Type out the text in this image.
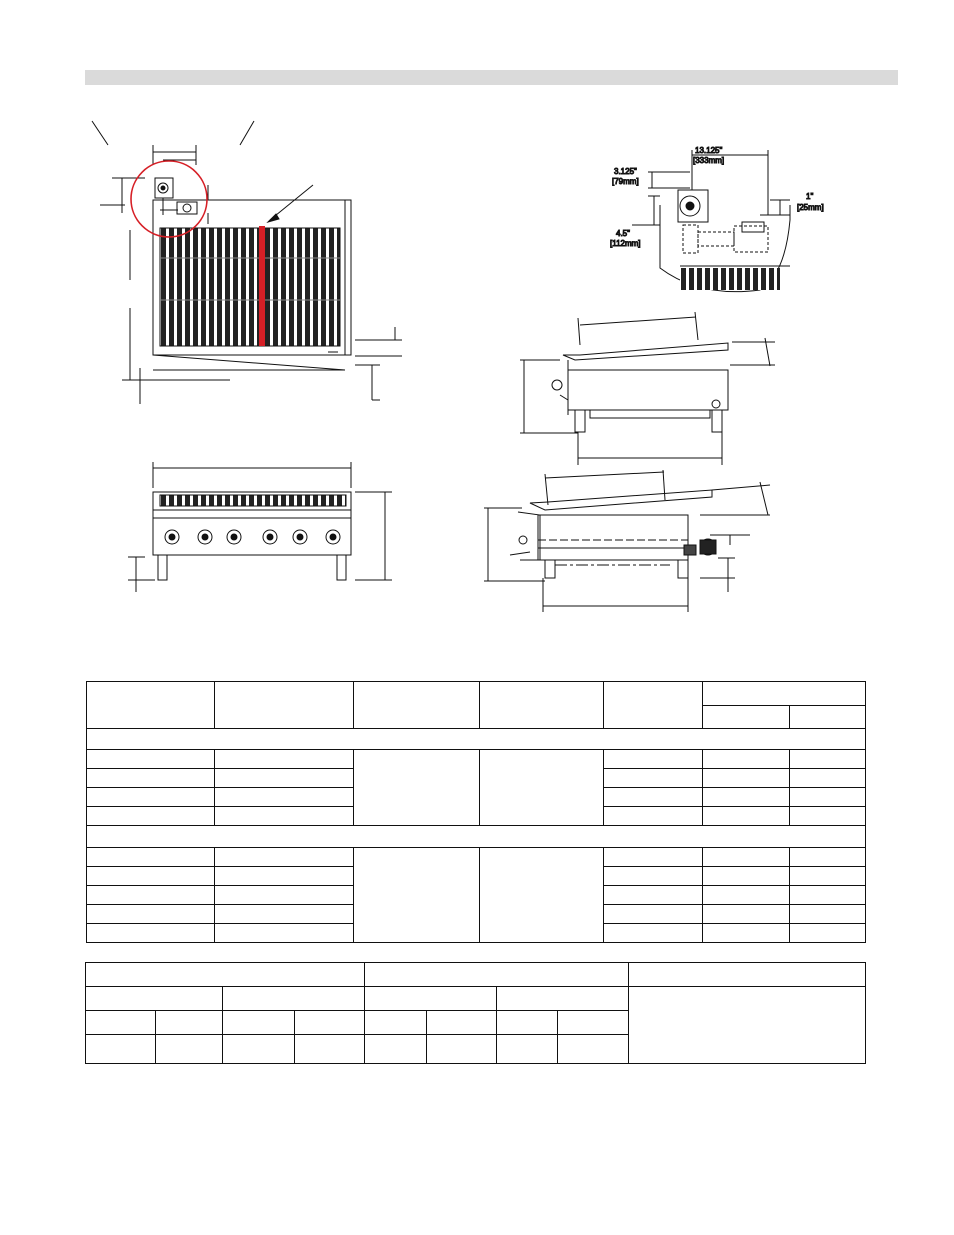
13.125"
[333mm]
3.125"
[79mm]
4.5"
[112mm]
1"
[25mm]
